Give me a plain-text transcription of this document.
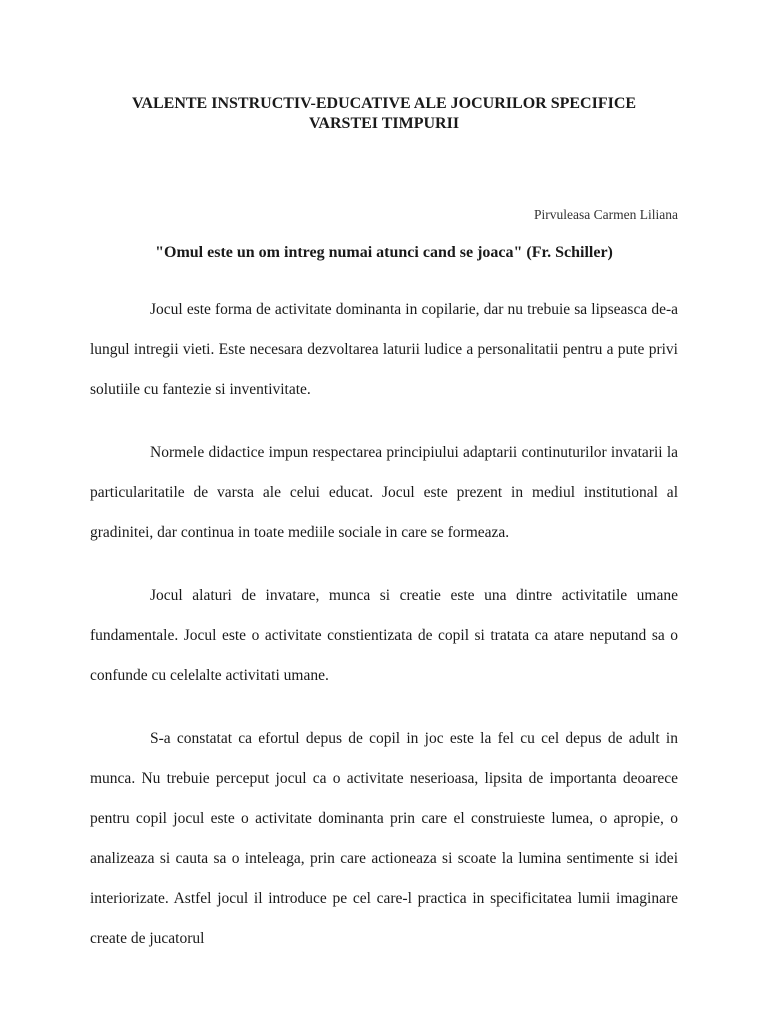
VALENTE INSTRUCTIV-EDUCATIVE ALE JOCURILOR SPECIFICE
VARSTEI TIMPURII

Pirvuleasa Carmen Liliana

"Omul este un om intreg numai atunci cand se joaca" (Fr. Schiller)

Jocul este forma de activitate dominanta in copilarie, dar nu trebuie sa lipseasca de-a lungul intregii vieti. Este necesara dezvoltarea laturii ludice a personalitatii pentru a pute privi solutiile cu fantezie si inventivitate.

Normele didactice impun respectarea principiului adaptarii continuturilor invatarii la particularitatile de varsta ale celui educat. Jocul este prezent in mediul institutional al gradinitei, dar continua in toate mediile sociale in care se formeaza.

Jocul alaturi de invatare, munca si creatie este una dintre activitatile umane fundamentale. Jocul este o activitate constientizata de copil si tratata ca atare neputand sa o confunde cu celelalte activitati umane.

S-a constatat ca efortul depus de copil in joc este la fel cu cel depus de adult in munca. Nu trebuie perceput jocul ca o activitate neserioasa, lipsita de importanta deoarece pentru copil jocul este o activitate dominanta prin care el construieste lumea, o apropie, o analizeaza si cauta sa o inteleaga, prin care actioneaza si scoate la lumina sentimente si idei interiorizate. Astfel jocul il introduce pe cel care-l practica in specificitatea lumii imaginare create de jucatorul
